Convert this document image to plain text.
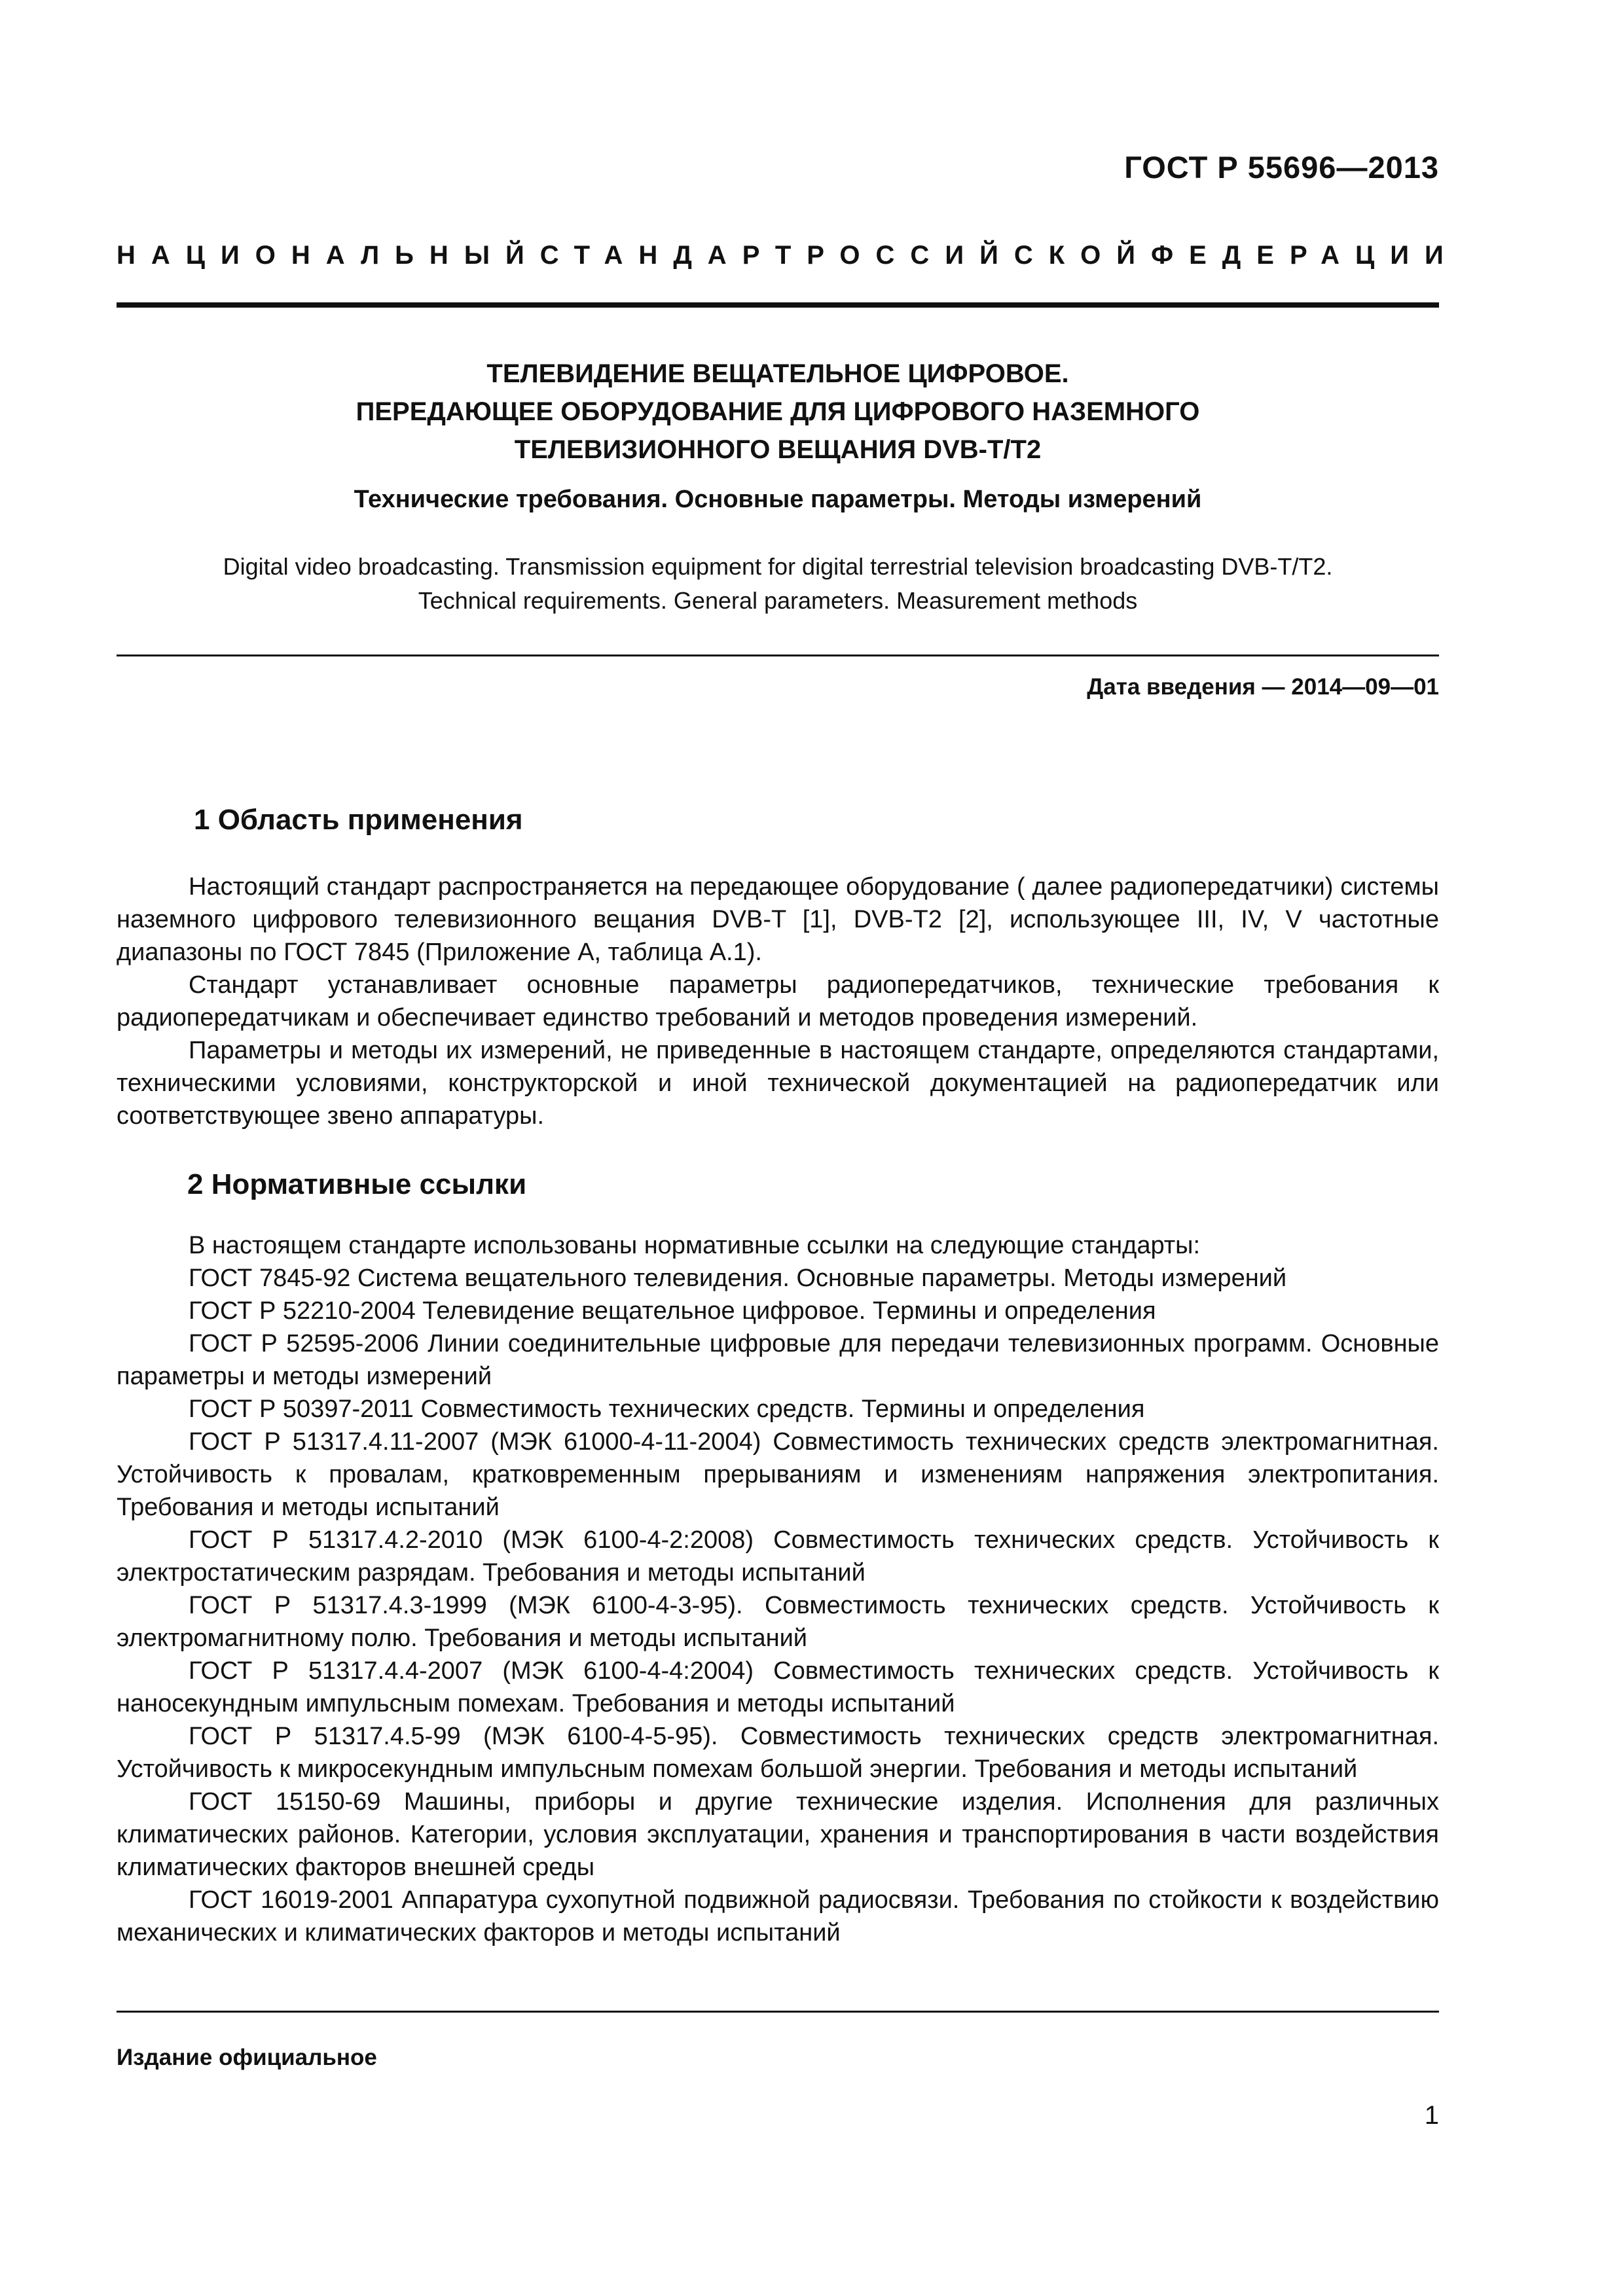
ГОСТ Р 55696—2013
НАЦИОНАЛЬНЫЙ СТАНДАРТ РОССИЙСКОЙ ФЕДЕРАЦИИ
ТЕЛЕВИДЕНИЕ ВЕЩАТЕЛЬНОЕ ЦИФРОВОЕ.
ПЕРЕДАЮЩЕЕ ОБОРУДОВАНИЕ ДЛЯ ЦИФРОВОГО НАЗЕМНОГО
ТЕЛЕВИЗИОННОГО ВЕЩАНИЯ DVB-T/T2
Технические требования. Основные параметры. Методы измерений
Digital video broadcasting. Transmission equipment for digital terrestrial television broadcasting DVB-T/T2.
Technical requirements. General parameters. Measurement methods
Дата введения — 2014—09—01
1 Область применения

Настоящий стандарт распространяется на передающее оборудование ( далее радиопередатчики) системы наземного цифрового телевизионного вещания DVB-T [1], DVB-T2 [2], использующее III, IV, V частотные диапазоны по ГОСТ 7845 (Приложение А, таблица А.1).

Стандарт устанавливает основные параметры радиопередатчиков, технические требования к радиопередатчикам и обеспечивает единство требований и методов проведения измерений.

Параметры и методы их измерений, не приведенные в настоящем стандарте, определяются стандартами, техническими условиями, конструкторской и иной технической документацией на радиопередатчик или соответствующее звено аппаратуры.

2 Нормативные ссылки

В настоящем стандарте использованы нормативные ссылки на следующие стандарты:

ГОСТ 7845-92 Система вещательного телевидения. Основные параметры. Методы измерений

ГОСТ Р 52210-2004 Телевидение вещательное цифровое. Термины и определения

ГОСТ Р 52595-2006 Линии соединительные цифровые для передачи телевизионных программ. Основные параметры и методы измерений

ГОСТ Р 50397-2011 Совместимость технических средств. Термины и определения

ГОСТ Р 51317.4.11-2007 (МЭК 61000-4-11-2004) Совместимость технических средств электромагнитная. Устойчивость к провалам, кратковременным прерываниям и изменениям напряжения электропитания. Требования и методы испытаний

ГОСТ Р 51317.4.2-2010 (МЭК 6100-4-2:2008) Совместимость технических средств. Устойчивость к электростатическим разрядам. Требования и методы испытаний

ГОСТ Р 51317.4.3-1999 (МЭК 6100-4-3-95). Совместимость технических средств. Устойчивость к электромагнитному полю. Требования и методы испытаний

ГОСТ Р 51317.4.4-2007 (МЭК 6100-4-4:2004) Совместимость технических средств. Устойчивость к наносекундным импульсным помехам. Требования и методы испытаний

ГОСТ Р 51317.4.5-99 (МЭК 6100-4-5-95). Совместимость технических средств электромагнитная. Устойчивость к микросекундным импульсным помехам большой энергии. Требования и методы испытаний

ГОСТ 15150-69 Машины, приборы и другие технические изделия. Исполнения для различных климатических районов. Категории, условия эксплуатации, хранения и транспортирования в части воздействия климатических факторов внешней среды

ГОСТ 16019-2001 Аппаратура сухопутной подвижной радиосвязи. Требования по стойкости к воздействию механических и климатических факторов и методы испытаний

Издание официальное
1
